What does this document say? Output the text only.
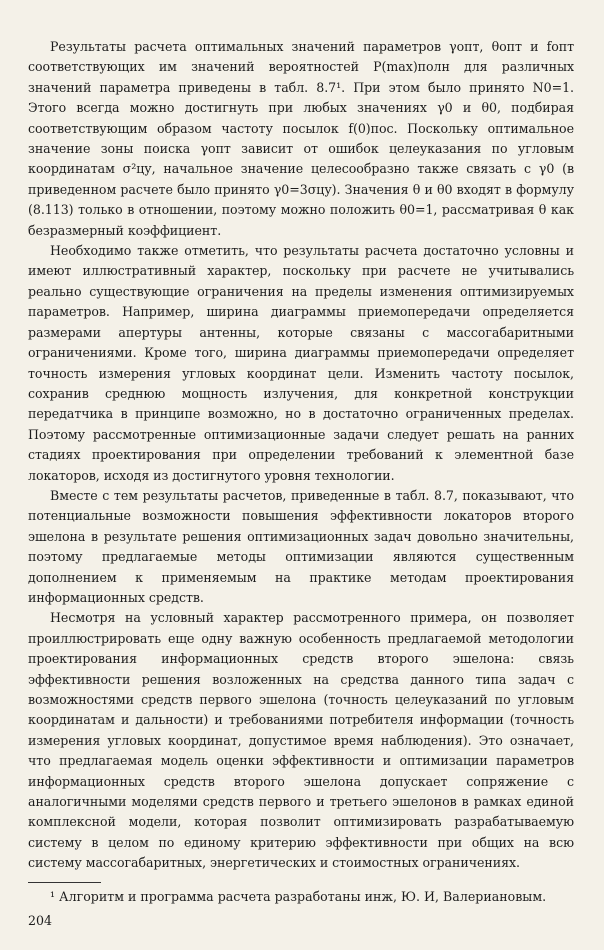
Результаты расчета оптимальных значений параметров γопт, θопт и fопт соответствующих им значений вероятностей P(max)полн для различных значений параметра приведены в табл. 8.7¹. При этом было принято N0=1. Этого всегда можно достигнуть при любых значениях γ0 и θ0, подбирая соответствующим образом частоту посылок f(0)пос. Поскольку оптимальное значение зоны поиска γопт зависит от ошибок целеуказания по угловым координатам σ²цу, начальное значение целесообразно также связать с γ0 (в приведенном расчете было принято γ0=3σцу). Значения θ и θ0 входят в формулу (8.113) только в отношении, поэтому можно положить θ0=1, рассматривая θ как безразмерный коэффициент.

Необходимо также отметить, что результаты расчета достаточно условны и имеют иллюстративный характер, поскольку при расчете не учитывались реально существующие ограничения на пределы изменения оптимизируемых параметров. Например, ширина диаграммы приемопередачи определяется размерами апертуры антенны, которые связаны с массогабаритными ограничениями. Кроме того, ширина диаграммы приемопередачи определяет точность измерения угловых координат цели. Изменить частоту посылок, сохранив среднюю мощность излучения, для конкретной конструкции передатчика в принципе возможно, но в достаточно ограниченных пределах. Поэтому рассмотренные оптимизационные задачи следует решать на ранних стадиях проектирования при определении требований к элементной базе локаторов, исходя из достигнутого уровня технологии.

Вместе с тем результаты расчетов, приведенные в табл. 8.7, показывают, что потенциальные возможности повышения эффективности локаторов второго эшелона в результате решения оптимизационных задач довольно значительны, поэтому предлагаемые методы оптимизации являются существенным дополнением к применяемым на практике методам проектирования информационных средств.

Несмотря на условный характер рассмотренного примера, он позволяет проиллюстрировать еще одну важную особенность предлагаемой методологии проектирования информационных средств второго эшелона: связь эффективности решения возложенных на средства данного типа задач с возможностями средств первого эшелона (точность целеуказаний по угловым координатам и дальности) и требованиями потребителя информации (точность измерения угловых координат, допустимое время наблюдения). Это означает, что предлагаемая модель оценки эффективности и оптимизации параметров информационных средств второго эшелона допускает сопряжение с аналогичными моделями средств первого и третьего эшелонов в рамках единой комплексной модели, которая позволит оптимизировать разрабатываемую систему в целом по единому критерию эффективности при общих на всю систему массогабаритных, энергетических и стоимостных ограничениях.

¹ Алгоритм и программа расчета разработаны инж, Ю. И, Валериановым.
204
